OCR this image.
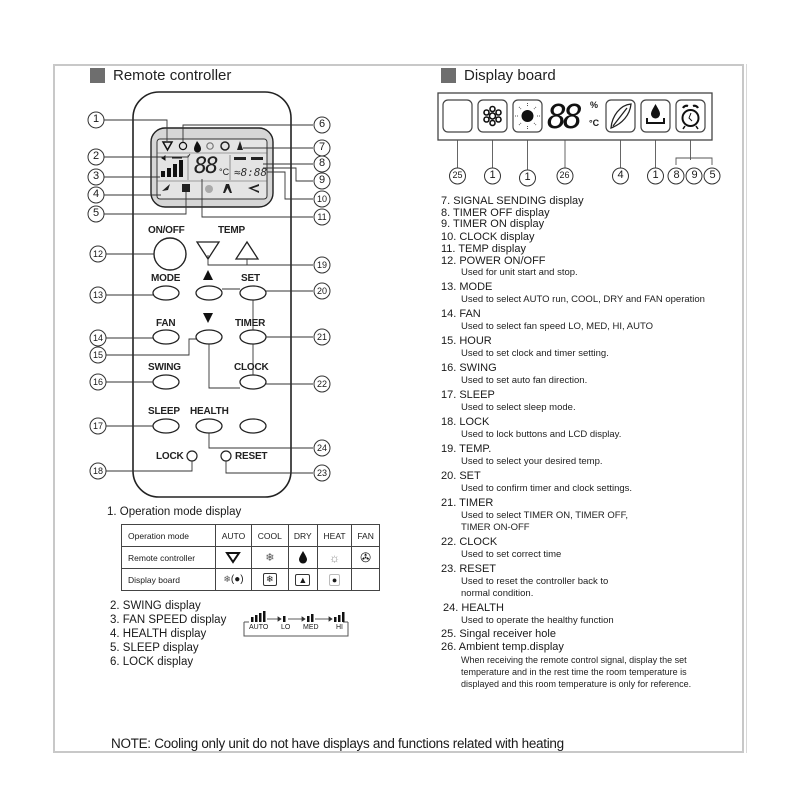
Remote controller	Display board
≈8:88
ON/OFF	TEMP
MODE	SET
FAN	TIMER
SWING	CLOCK
SLEEP HEALTH
LOCK	RESET
88 °C
1
2
3
4
5
12
13
14
15
16
17
18
6
7
8
9
10
11
19
20
21
22
24
23
1. Operation mode display
Operation mode	AUTO	COOL	DRY	HEAT	FAN
Remote controller		❄		☼	✇
Display board	❄(●)	❄	▲	●	
2. SWING display
3. FAN SPEED display
4. HEALTH display
5. SLEEP display
6. LOCK display
AUTO LO MED HI
88 %
°C
25	1	1	26	4	1	8	9	5
7. SIGNAL SENDING display
8. TIMER OFF display
9. TIMER ON display
10. CLOCK display
11. TEMP display
12. POWER ON/OFF
Used for unit start and stop.
13. MODE
Used to select AUTO run, COOL, DRY and FAN operation
14. FAN
Used to select fan speed LO, MED, HI, AUTO
15. HOUR
Used to set clock and timer setting.
16. SWING
Used to set auto fan direction.
17. SLEEP
Used to select sleep mode.
18. LOCK
Used to lock buttons and LCD display.
19. TEMP.
Used to select your desired temp.
20. SET
Used to confirm timer and clock settings.
21. TIMER
Used to select TIMER ON, TIMER OFF,
TIMER ON-OFF
22. CLOCK
Used to set correct time
23. RESET
Used to reset the controller back to
normal condition.
24. HEALTH
Used to operate the healthy function
25. Singal receiver hole
26. Ambient temp.display
When receiving the remote control signal, display the set
temperature and in the rest time the room temperature is
displayed and this room temperature is only for reference.
NOTE: Cooling only unit do not have displays and functions related with heating
